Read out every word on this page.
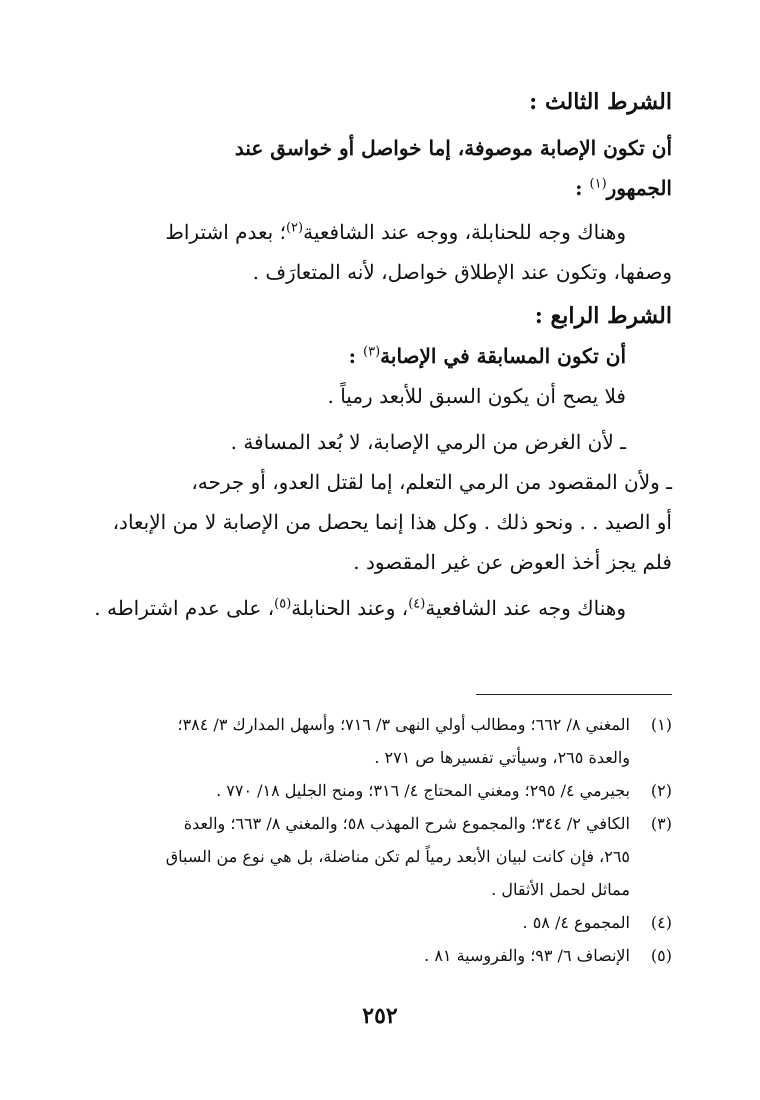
الشرط الثالث :

أن تكون الإصابة موصوفة، إما خواصل أو خواسق عند

الجمهور$^{(١)}$ :

وهناك وجه للحنابلة، ووجه عند الشافعية$^{(٢)}$؛ بعدم اشتراط

وصفها، وتكون عند الإطلاق خواصل، لأنه المتعارَف .

الشرط الرابع :

أن تكون المسابقة في الإصابة$^{(٣)}$ :

فلا يصح أن يكون السبق للأبعد رمياً .

ـ لأن الغرض من الرمي الإصابة، لا بُعد المسافة .

ـ ولأن المقصود من الرمي التعلم، إما لقتل العدو، أو جرحه،

أو الصيد . . ونحو ذلك . وكل هذا إنما يحصل من الإصابة لا من الإبعاد،

فلم يجز أخذ العوض عن غير المقصود .

وهناك وجه عند الشافعية$^{(٤)}$، وعند الحنابلة$^{(٥)}$، على عدم اشتراطه .

(١)
المغني ٨/ ٦٦٢؛ ومطالب أولي النهى ٣/ ٧١٦؛ وأسهل المدارك ٣/ ٣٨٤؛
والعدة ٢٦٥، وسيأتي تفسيرها ص ٢٧١ .
(٢)
بجيرمي ٤/ ٢٩٥؛ ومغني المحتاج ٤/ ٣١٦؛ ومنح الجليل ١٨/ ٧٧٠ .
(٣)
الكافي ٢/ ٣٤٤؛ والمجموع شرح المهذب ٥٨؛ والمغني ٨/ ٦٦٣؛ والعدة
٢٦٥، فإن كانت لبيان الأبعد رمياً لم تكن مناضلة، بل هي نوع من السباق
مماثل لحمل الأثقال .
(٤)
المجموع ٤/ ٥٨ .
(٥)
الإنصاف ٦/ ٩٣؛ والفروسية ٨١ .
٢٥٢
